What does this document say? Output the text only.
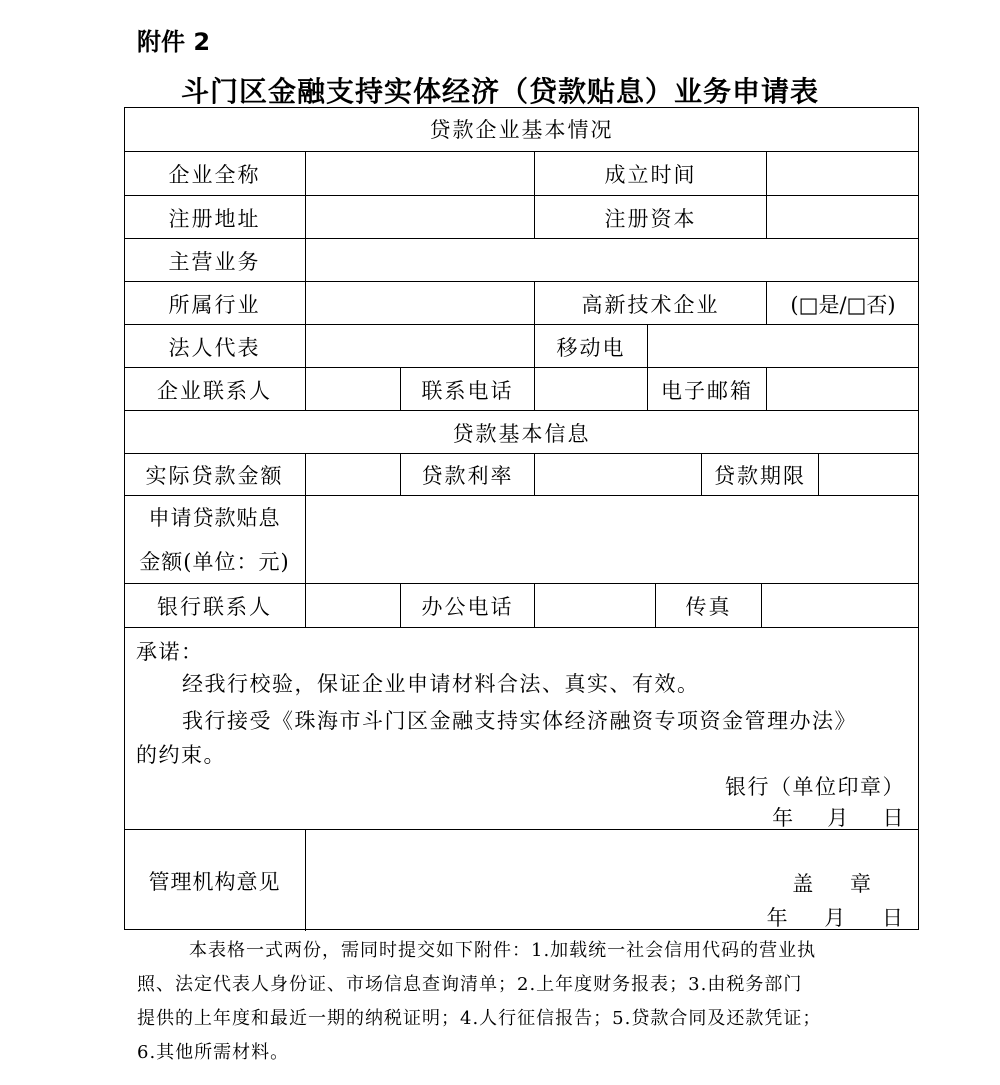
附件 2
斗门区金融支持实体经济（贷款贴息）业务申请表
贷款企业基本情况
企业全称	成立时间
注册地址	注册资本
主营业务
所属行业	高新技术企业	(□是/□否)
法人代表	移动电
企业联系人	联系电话	电子邮箱
贷款基本信息
实际贷款金额	贷款利率	贷款期限
申请贷款贴息
金额(单位：元)
银行联系人	办公电话	传真
承诺：
经我行校验，保证企业申请材料合法、真实、有效。
我行接受《珠海市斗门区金融支持实体经济融资专项资金管理办法》
的约束。
银行（单位印章）
年    月    日
管理机构意见	盖    章
年    月    日
本表格一式两份，需同时提交如下附件：1.加载统一社会信用代码的营业执
照、法定代表人身份证、市场信息查询清单；2.上年度财务报表；3.由税务部门
提供的上年度和最近一期的纳税证明；4.人行征信报告；5.贷款合同及还款凭证；
6.其他所需材料。
